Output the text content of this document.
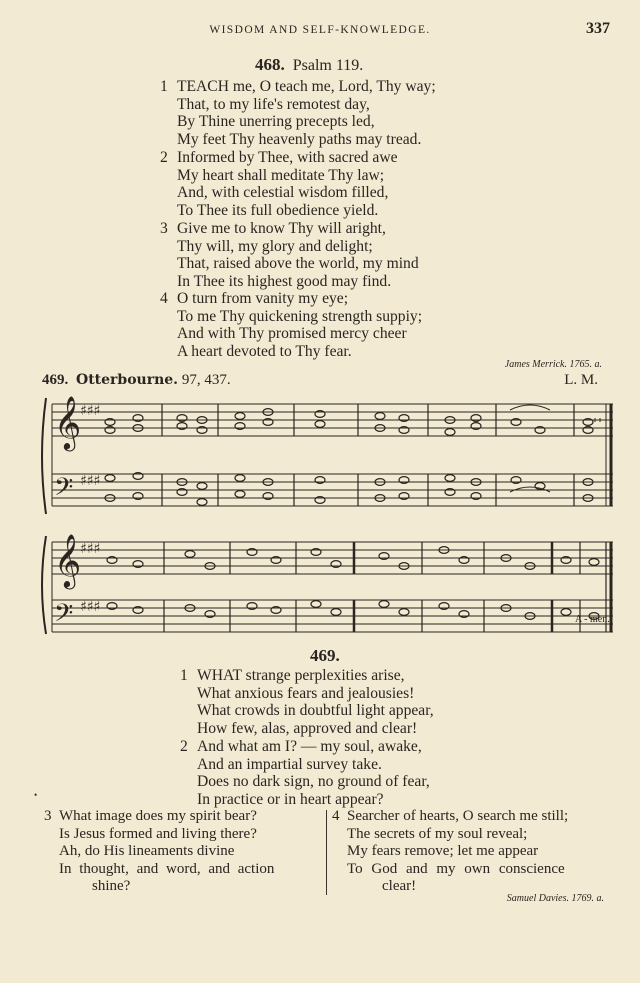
WISDOM AND SELF-KNOWLEDGE.	337
468. Psalm 119.
1 TEACH me, O teach me, Lord, Thy way;
That, to my life's remotest day,
By Thine unerring precepts led,
My feet Thy heavenly paths may tread.
2 Informed by Thee, with sacred awe
My heart shall meditate Thy law;
And, with celestial wisdom filled,
To Thee its full obedience yield.
3 Give me to know Thy will aright,
Thy will, my glory and delight;
That, raised above the world, my mind
In Thee its highest good may find.
4 O turn from vanity my eye;
To me Thy quickening strength suppiy;
And with Thy promised mercy cheer
A heart devoted to Thy fear.
James Merrick. 1765. a.
469. Otterbourne. 97, 437.	L. M.
𝄞
𝄢
♯♯♯
♯♯♯
𝄞
𝄢
♯♯♯
♯♯♯
A - men.
469.
1 WHAT strange perplexities arise,
What anxious fears and jealousies!
What crowds in doubtful light appear,
How few, alas, approved and clear!
2 And what am I? — my soul, awake,
And an impartial survey take.
Does no dark sign, no ground of fear,
In practice or in heart appear?
•
3 What image does my spirit bear?
Is Jesus formed and living there?
Ah, do His lineaments divine
In thought, and word, and action
shine?
4 Searcher of hearts, O search me still;
The secrets of my soul reveal;
My fears remove; let me appear
To God and my own conscience
clear!
Samuel Davies. 1769. a.
